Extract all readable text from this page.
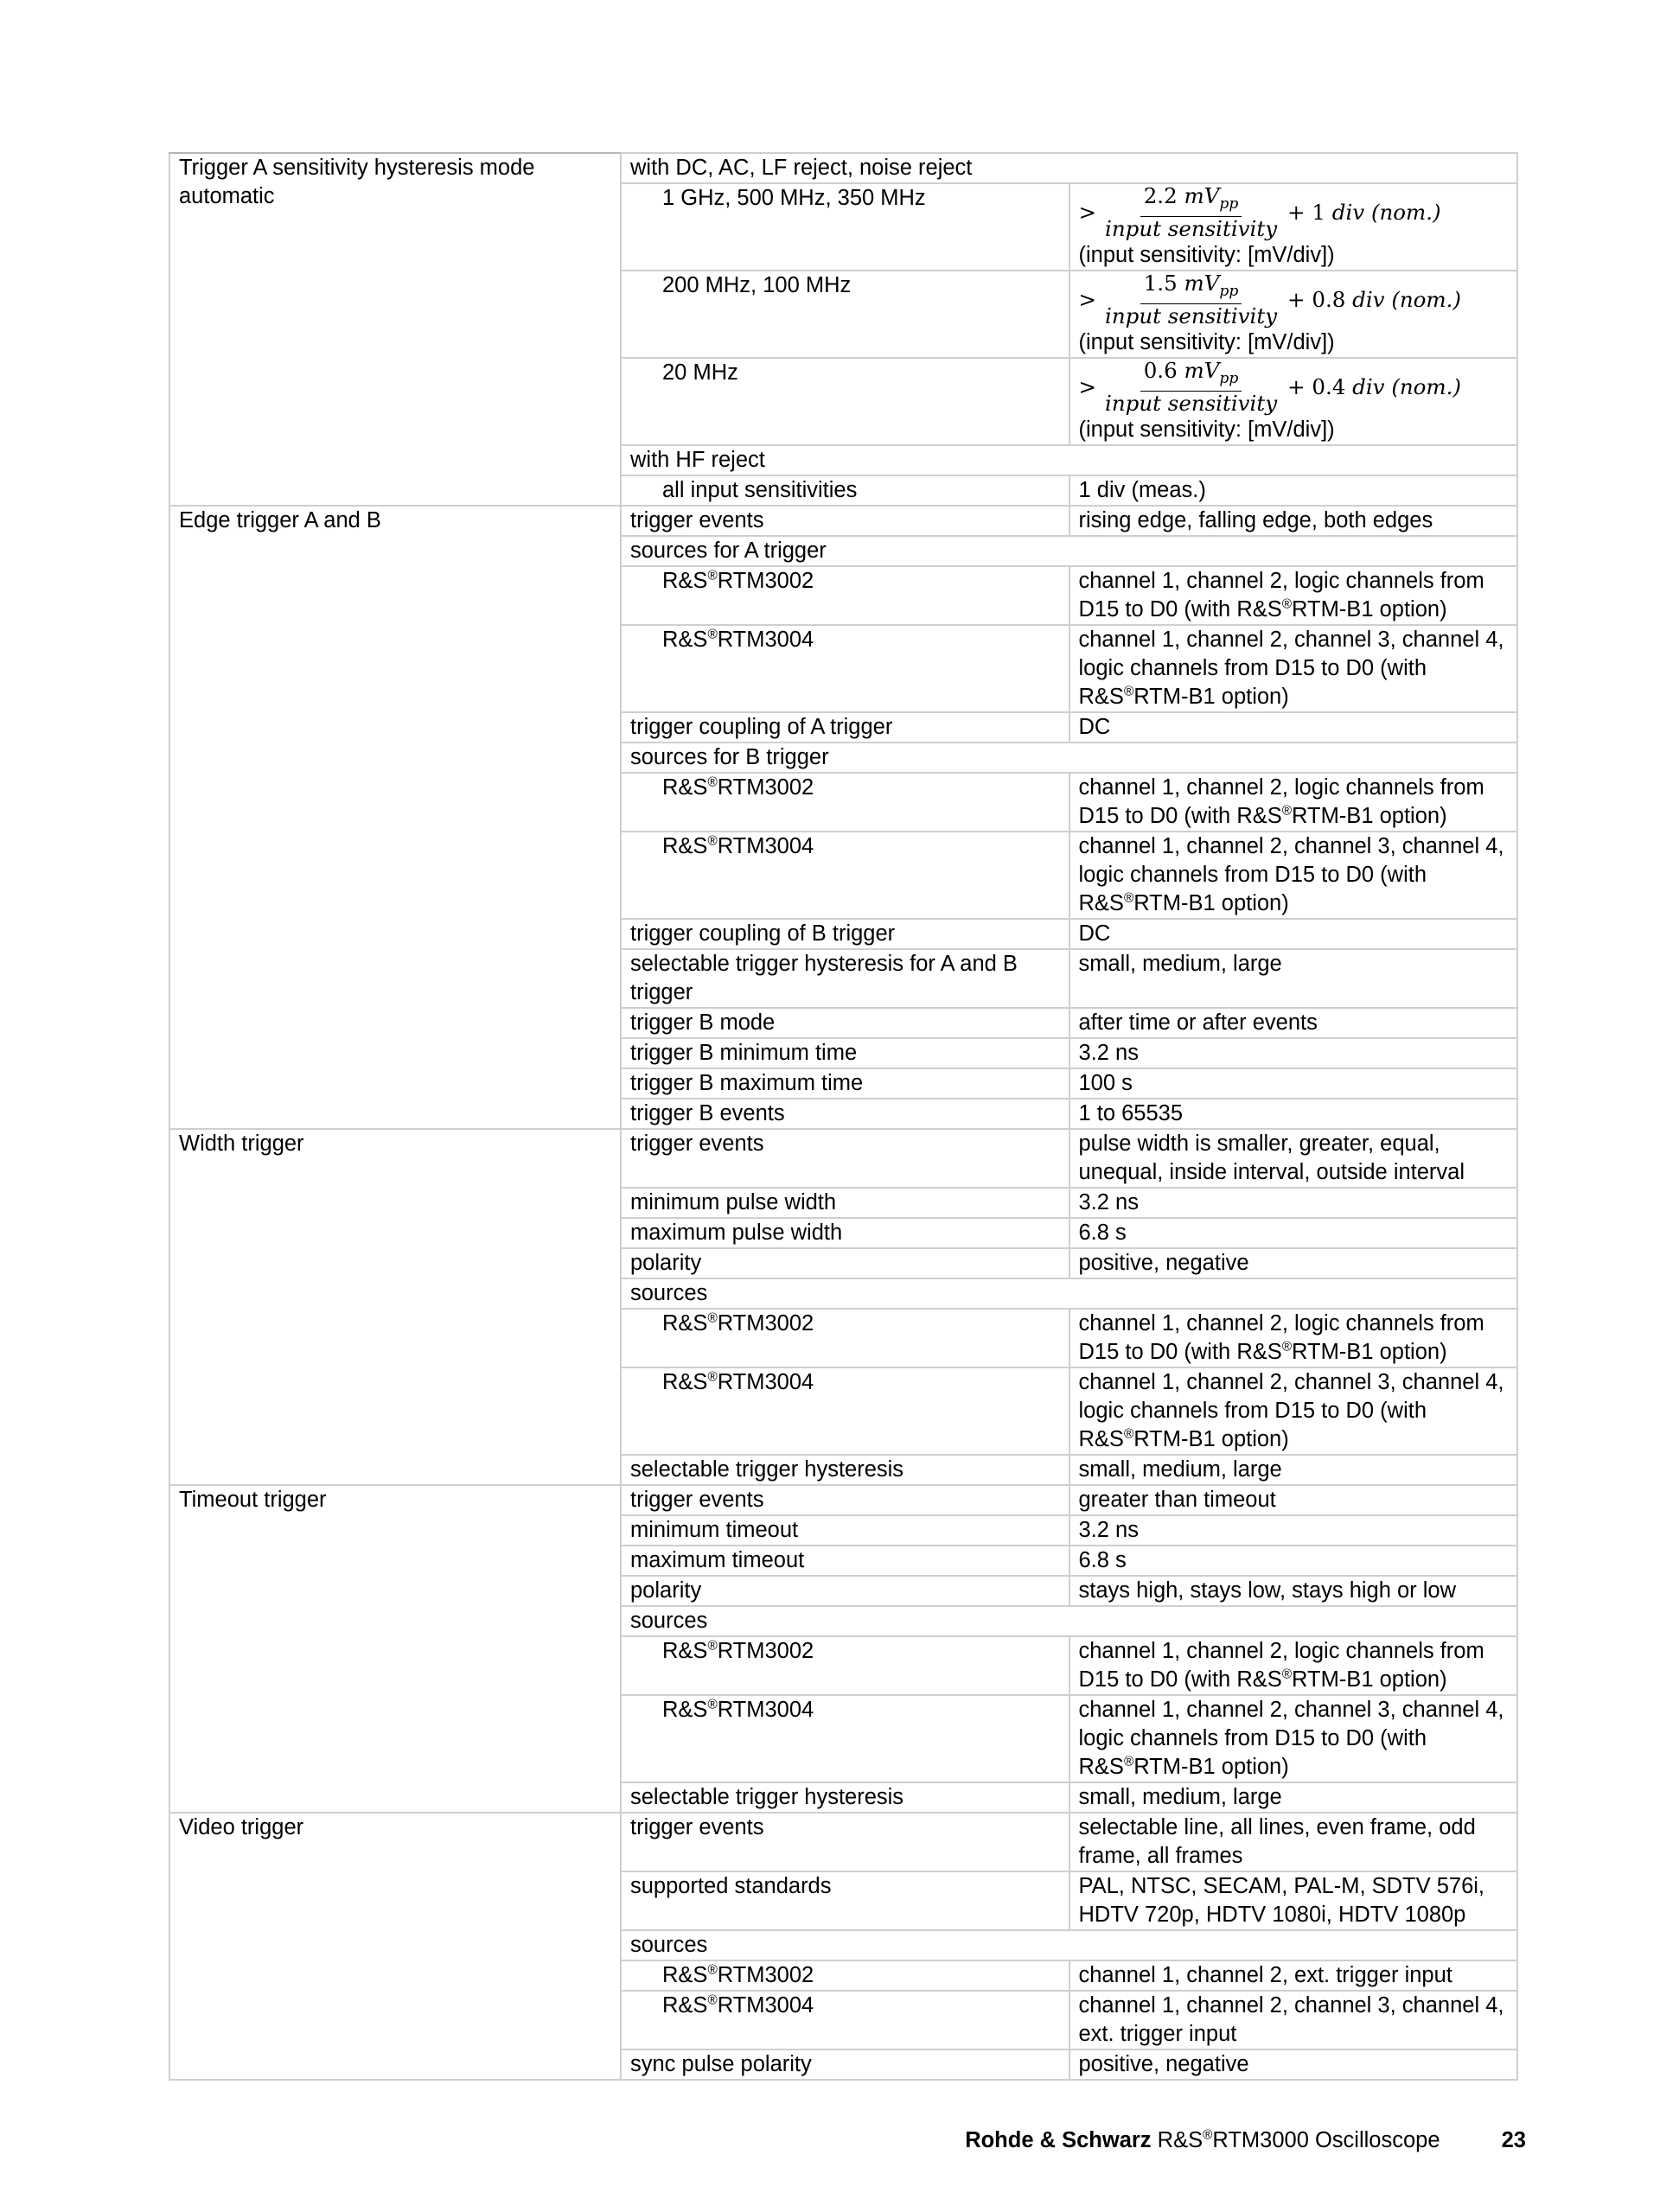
Trigger A sensitivity hysteresis mode automatic	with DC, AC, LF reject, noise reject	
	1 GHz, 500 MHz, 350 MHz	> $\frac{2.2 mV_{pp}}{\text{input sensitivity}} + 1$ div (nom.)
(input sensitivity: [mV/div])

	200 MHz, 100 MHz	> $\frac{1.5 mV_{pp}}{\text{input sensitivity}} + 0.8$ div (nom.)
(input sensitivity: [mV/div])

	20 MHz	> $\frac{0.6 mV_{pp}}{\text{input sensitivity}} + 0.4$ div (nom.)
(input sensitivity: [mV/div])

	with HF reject	
	all input sensitivities	1 div (meas.)
Edge trigger A and B	trigger events	rising edge, falling edge, both edges
	sources for A trigger	
	R&S®RTM3002	channel 1, channel 2, logic channels from D15 to D0 (with R&S®RTM-B1 option)
	R&S®RTM3004	channel 1, channel 2, channel 3, channel 4, logic channels from D15 to D0 (with R&S®RTM-B1 option)
	trigger coupling of A trigger	DC
	sources for B trigger	
	R&S®RTM3002	channel 1, channel 2, logic channels from D15 to D0 (with R&S®RTM-B1 option)
	R&S®RTM3004	channel 1, channel 2, channel 3, channel 4, logic channels from D15 to D0 (with R&S®RTM-B1 option)
	trigger coupling of B trigger	DC
	selectable trigger hysteresis for A and B trigger	small, medium, large
	trigger B mode	after time or after events
	trigger B minimum time	3.2 ns
	trigger B maximum time	100 s
	trigger B events	1 to 65535
Width trigger	trigger events	pulse width is smaller, greater, equal, unequal, inside interval, outside interval
	minimum pulse width	3.2 ns
	maximum pulse width	6.8 s
	polarity	positive, negative
	sources	
	R&S®RTM3002	channel 1, channel 2, logic channels from D15 to D0 (with R&S®RTM-B1 option)
	R&S®RTM3004	channel 1, channel 2, channel 3, channel 4, logic channels from D15 to D0 (with R&S®RTM-B1 option)
	selectable trigger hysteresis	small, medium, large
Timeout trigger	trigger events	greater than timeout
	minimum timeout	3.2 ns
	maximum timeout	6.8 s
	polarity	stays high, stays low, stays high or low
	sources	
	R&S®RTM3002	channel 1, channel 2, logic channels from D15 to D0 (with R&S®RTM-B1 option)
	R&S®RTM3004	channel 1, channel 2, channel 3, channel 4, logic channels from D15 to D0 (with R&S®RTM-B1 option)
	selectable trigger hysteresis	small, medium, large
Video trigger	trigger events	selectable line, all lines, even frame, odd frame, all frames
	supported standards	PAL, NTSC, SECAM, PAL-M, SDTV 576i, HDTV 720p, HDTV 1080i, HDTV 1080p
	sources	
	R&S®RTM3002	channel 1, channel 2, ext. trigger input
	R&S®RTM3004	channel 1, channel 2, channel 3, channel 4, ext. trigger input
	sync pulse polarity	positive, negative
Rohde & Schwarz R&S®RTM3000 Oscilloscope	23
